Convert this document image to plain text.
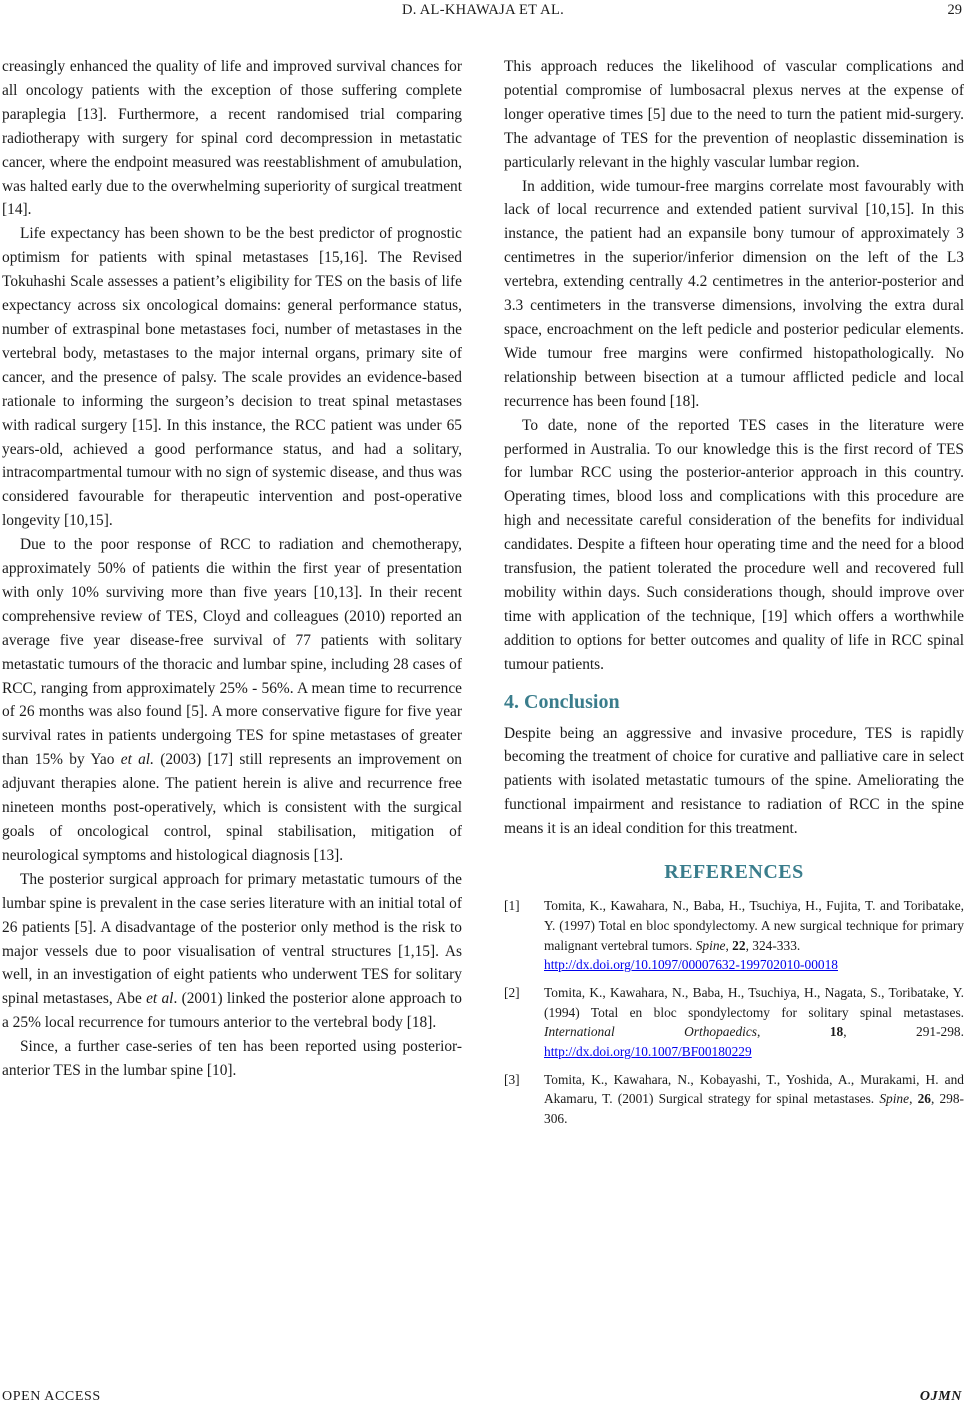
D. AL-KHAWAJA ET AL.	29

creasingly enhanced the quality of life and improved survival chances for all oncology patients with the exception of those suffering complete paraplegia [13]. Furthermore, a recent randomised trial comparing radiotherapy with surgery for spinal cord decompression in metastatic cancer, where the endpoint measured was reestablishment of amubulation, was halted early due to the overwhelming superiority of surgical treatment [14].

Life expectancy has been shown to be the best predictor of prognostic optimism for patients with spinal metastases [15,16]. The Revised Tokuhashi Scale assesses a patient’s eligibility for TES on the basis of life expectancy across six oncological domains: general performance status, number of extraspinal bone metastases foci, number of metastases in the vertebral body, metastases to the major internal organs, primary site of cancer, and the presence of palsy. The scale provides an evidence-based rationale to informing the surgeon’s decision to treat spinal metastases with radical surgery [15]. In this instance, the RCC patient was under 65 years-old, achieved a good performance status, and had a solitary, intracompartmental tumour with no sign of systemic disease, and thus was considered favourable for therapeutic intervention and post-operative longevity [10,15].

Due to the poor response of RCC to radiation and chemotherapy, approximately 50% of patients die within the first year of presentation with only 10% surviving more than five years [10,13]. In their recent comprehensive review of TES, Cloyd and colleagues (2010) reported an average five year disease-free survival of 77 patients with solitary metastatic tumours of the thoracic and lumbar spine, including 28 cases of RCC, ranging from approximately 25% - 56%. A mean time to recurrence of 26 months was also found [5]. A more conservative figure for five year survival rates in patients undergoing TES for spine metastases of greater than 15% by Yao et al. (2003) [17] still represents an improvement on adjuvant therapies alone. The patient herein is alive and recurrence free nineteen months post-operatively, which is consistent with the surgical goals of oncological control, spinal stabilisation, mitigation of neurological symptoms and histological diagnosis [13].

The posterior surgical approach for primary metastatic tumours of the lumbar spine is prevalent in the case series literature with an initial total of 26 patients [5]. A disadvantage of the posterior only method is the risk to major vessels due to poor visualisation of ventral structures [1,15]. As well, in an investigation of eight patients who underwent TES for solitary spinal metastases, Abe et al. (2001) linked the posterior alone approach to a 25% local recurrence for tumours anterior to the vertebral body [18].

Since, a further case-series of ten has been reported using posterior-anterior TES in the lumbar spine [10].

This approach reduces the likelihood of vascular complications and potential compromise of lumbosacral plexus nerves at the expense of longer operative times [5] due to the need to turn the patient mid-surgery. The advantage of TES for the prevention of neoplastic dissemination is particularly relevant in the highly vascular lumbar region.

In addition, wide tumour-free margins correlate most favourably with lack of local recurrence and extended patient survival [10,15]. In this instance, the patient had an expansile bony tumour of approximately 3 centimetres in the superior/inferior dimension on the left of the L3 vertebra, extending centrally 4.2 centimetres in the anterior-posterior and 3.3 centimeters in the transverse dimensions, involving the extra dural space, encroachment on the left pedicle and posterior pedicular elements. Wide tumour free margins were confirmed histopathologically. No relationship between bisection at a tumour afflicted pedicle and local recurrence has been found [18].

To date, none of the reported TES cases in the literature were performed in Australia. To our knowledge this is the first record of TES for lumbar RCC using the posterior-anterior approach in this country. Operating times, blood loss and complications with this procedure are high and necessitate careful consideration of the benefits for individual candidates. Despite a fifteen hour operating time and the need for a blood transfusion, the patient tolerated the procedure well and recovered full mobility within days. Such considerations though, should improve over time with application of the technique, [19] which offers a worthwhile addition to options for better outcomes and quality of life in RCC spinal tumour patients.

4. Conclusion

Despite being an aggressive and invasive procedure, TES is rapidly becoming the treatment of choice for curative and palliative care in select patients with isolated metastatic tumours of the spine. Ameliorating the functional impairment and resistance to radiation of RCC in the spine means it is an ideal condition for this treatment.

REFERENCES
[1]	Tomita, K., Kawahara, N., Baba, H., Tsuchiya, H., Fujita, T. and Toribatake, Y. (1997) Total en bloc spondylectomy. A new surgical technique for primary malignant vertebral tumors. Spine, 22, 324-333.
http://dx.doi.org/10.1097/00007632-199702010-00018
[2]	Tomita, K., Kawahara, N., Baba, H., Tsuchiya, H., Nagata, S., Toribatake, Y. (1994) Total en bloc spondylectomy for solitary spinal metastases. International Orthopaedics, 18, 291-298. http://dx.doi.org/10.1007/BF00180229
[3]	Tomita, K., Kawahara, N., Kobayashi, T., Yoshida, A., Murakami, H. and Akamaru, T. (2001) Surgical strategy for spinal metastases. Spine, 26, 298-306.
OPEN ACCESS	OJMN
